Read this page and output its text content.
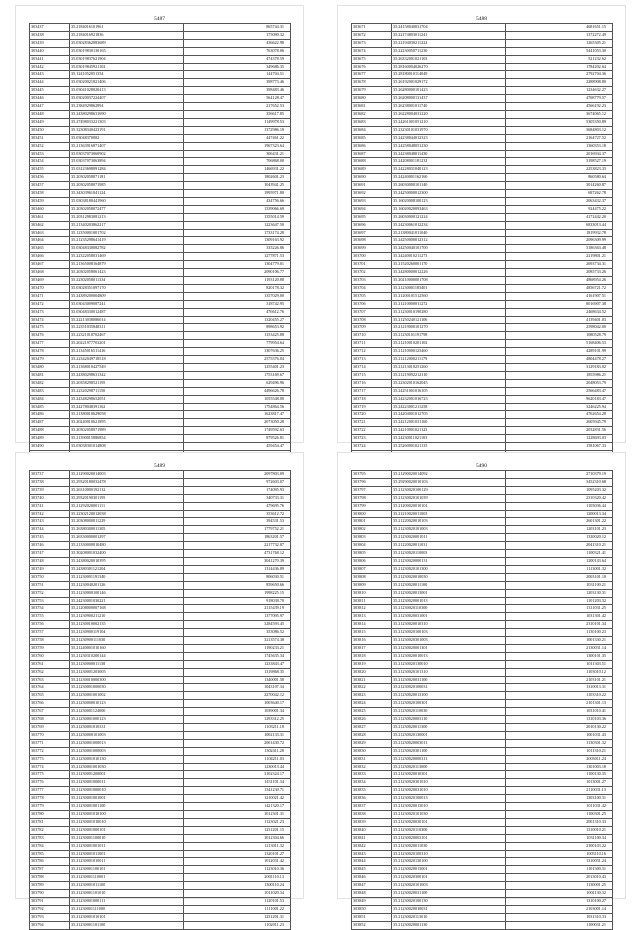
5487
303437	35.2184016101961	865744.31
303438	35.2184016921836	175090.32
303439	35.03028362083689	436622.98
303440	35.03019830130165	763078.06
303441	35.03019837621904	474378.59
303442	35.03019845921102	349686.35
303443	35.1241052051354	144704.51
303444	35.03020021821406	398773.46
303445	35.03041028020413	398483.46
303446	35.03020037224407	564128.47
303447	35.2384929862994	217652.53
303448	35.24380298631690	356617.85
303449	35.27498033221303	1149978.53
303450	35.32308340423191	1372986.19
303451	35.03048370082	447461.22
303452	35.21363916871407	1967323.64
303453	35.03037073060902	306431.21
303454	35.03037073063894	706868.00
303455	35.03123698091284	1466931.22
303456	35.20302058071181	1802601.23
303457	35.20302058071985	1043941.25
303458	35.34303961041124	1995971.80
303459	35.03038180441960	434756.66
303460	35.20302058072477	1339066.69
303461	35.20312983081213	1355014.59
303462	35.21340203862217	1223647.50
303463	35.12350001001702	1733174.28
303464	35.21235298641419	1309163.92
303465	35.03048330082782	335226.86
303466	35.22322058031469	1277871.53
303467	35.21365008164879	1304779.01
303468	35.20302058061423	2090106.77
303469	35.22302058011334	1193120.88
303470	35.03028351097170	820178.32
303471	35.24389200004809	1357029.00
303472	35.03043009087241	318742.95
303473	35.03048330012487	476612.76
303474	35.22213038086014	1320455.27
303475	35.22351035848311	898653.92
303476	35.22321018702467	1153425.88
303477	35.20221977703201	779954.64
303478	35.21345016511416	1307636.25
303479	35.22342049718518	2575376.04
303480	35.21368010427549	1255401.23
303481	35.24380298631342	1753169.67
303482	35.20358298521195	629496.96
303483	35.22320298711150	4496626.78
303484	35.24348298652051	1055548.00
303485	35.24278048391162	1754864.56
303486	35.21380010629058	1623817.47
303487	35.20240010621895	2073050.28
303488	35.20302058071989	1749592.63
303489	35.21390015886854	879526.81
303490	35.03038301014808	459454.47

5488
303671	35.24158040031704	4681651.15
303672	35.22174803011241	1372272.49
303673	35.22194030211222	1265305.21
303674	35.22230050711230	5441053.30
303675	35.26332001021103	521232.62
303676	35.28160004026270	1784202.64
303677	35.28180010114049	2792704.36
303678	35.26192001029172	2288908.80
303679	35.26280000101423	1234632.27
303680	35.26208000131437	4768779.57
303681	35.26238001011740	4566192.23
303682	35.26228004031220	3674065.12
303683	35.24261001051210	5305350.89
303684	35.23230101031970	3684803.12
303685	35.24238044012323	2164727.52
303686	35.24258048051230	1360353.18
303687	35.24238048011430	2016934.37
303688	35.24208001181232	3198527.19
303689	35.24228031040123	2253823.33
303690	35.24240001162160	860580.64
303691	35.26030000101140	3014260.87
303692	35.24250000012300	687262.78
303693	35.16020008100123	2063432.37
303694	35.16020020093463	924475.22
303695	35.26030000121224	4172442.20
303696	35.24230061012234	6833013.44
303697	35.21380041011040	1819932.78
303698	35.24250000012312	2096309.99
303699	35.24250040101700	5186363.48
303700	35.24240010211273	2219801.21
303701	35.21520260001170	2693734.31
303702	35.24280000012226	2085733.26
303703	35.20210000001708	4868954.26
303704	35.21230001183401	4856721.72
303705	35.21200101512560	4161907.51
303706	35.21210000011272	8016907.38
303707	35.21230010190280	2468634.52
303708	35.21250240121106	4139401.03
303709	35.21219000101270	2598042.00
303710	35.21230101191798	1080528.79
303711	35.21210010201102	5168406.53
303712	35.21210000123460	4289101.99
303713	35.21212000211179	4804478.27
303714	35.21213010251260	3129183.02
303715	35.21219092212110	1855986.21
303716	35.22302010162045	2048053.79
303717	35.24251001016105	2566483.47
303718	35.24232001016723	9620183.47
303719	35.24223001211258	3246225.94
303720	35.24204001012705	4762654.28
303721	35.24212001031160	2605945.79
303722	35.24210001021123	2032831.56
303723	35.24230011021103	1228693.03
303724	35.25260001021135	1581067.33

5489
303737	35.21290020014003	2097803.09
303738	35.29320180032478	972603.07
303739	35.26310000192112	174095.93
303740	35.29320190301195	340733.31
303741	35.21292020001111	479695.76
303742	35.22302120012038	353612.72
303743	35.20308000011229	394531.53
303744	35.26380300011305	1779752.21
303745	35.26330000001297	1863201.57
303746	35.21330000010480	2217732.87
303747	35.30208001032400	4731768.12
303748	35.24380020010395	3041270.39
303749	35.24380301121204	1314436.89
303750	35.21230001191340	806030.51
303751	35.21230040201126	859650.66
303752	35.21230000100146	1998225.15
303753	35.24230001030221	918038.70
303754	35.21208000007168	2115439.19
303755	35.21230900211210	1377095.97
303756	35.21230010002135	3284593.45
303757	35.21230900119104	353086.52
303758	35.21230900111030	3213574.38
303759	35.21240001010160	1190233.21
303760	35.21230310200144	1745635.34
303761	35.21230000011138	1233843.47
303762	35.21230001203005	1319868.35
303763	35.21230010000300	1340001.58
303764	35.21230001000030	1043107.34
303765	35.21230001001002	2270042.12
303766	35.21230000010123	1003640.17
303767	35.21230001124000	1039001.34
303768	35.21230001000123	1293312.25
303769	35.21230001010331	1103211.18
303770	35.21230000101003	1002133.31
303771	35.21230001000013	2001430.72
303772	35.21230001000003	1302411.28
303773	35.21230001010130	1104211.03
303774	35.21230001001030	1230013.44
303775	35.21230001200001	3102324.17
303776	35.21230001000011	1431101.34
303777	35.21230001000010	1341230.71
303778	35.21230001001001	1210021.42
303779	35.21230001001100	1421320.17
303780	35.21230001010100	1012301.31
303781	35.21230001010010	1123021.23
303782	35.21230001000101	1231201.15
303783	35.21230001100010	1012304.66
303784	35.21230001001011	1213011.32
303785	35.21230001011001	1320101.27
303786	35.21230001010011	1012031.42
303787	35.21230001100101	1123010.36
303788	35.21230001110001	2001110.13
303789	35.21230001011100	1300110.24
303790	35.21230001101010	1011020.34
303791	35.21230001000111	1120101.53
303792	35.21230001111000	1111001.22
303793	35.21230001010101	1231201.31
303794	35.21230001101100	1102011.23
5490
303795	35.21290020014092	2710379.19
303796	35.29290020010103	3452310.68
303797	35.21230020100129	1095203.32
303798	35.21230020101039	2310320.42
303799	35.21200020010101	1105036.44
303800	35.21210020011003	1200013.34
303801	35.21220020010103	2601301.22
303802	35.21230020101003	1203101.23
303803	35.21230020001011	1330020.12
303804	35.21220020011031	2041310.21
303805	35.21230020110003	1100321.41
303806	35.21230020000131	1200143.64
303807	35.21230020101300	1113001.32
303808	35.21230020010030	2003101.10
303809	35.21230020011100	1031100.21
303810	35.21230020013001	1203130.31
303811	35.21230020001013	1101203.32
303812	35.21230020110300	1311031.25
303813	35.21230020031001	1031301.42
303814	35.21230020010310	2310101.34
303815	35.21230020100103	1130100.23
303816	35.21230020301003	1001330.21
303817	35.21230020001301	2130031.14
303818	35.21230020010013	1300101.35
303819	35.21230020130010	1011303.51
303820	35.21230020101310	1103010.12
303821	35.21230020031100	2103101.21
303822	35.21230020100031	1310013.31
303823	35.21230020013100	1103310.22
303824	35.21230020100301	2101301.13
303825	35.21230020110030	1031010.41
303826	35.21230020003110	1310103.36
303827	35.21230020011300	2010130.22
303828	35.21230020130001	1001031.43
303829	35.21230020003011	1130301.32
303830	35.21230020301100	1011310.21
303831	35.21230020000311	2003011.24
303832	35.21230020113000	1301003.18
303833	35.21230020010301	1100130.35
303834	35.21230020301010	1013001.27
303835	35.21230020031010	2110031.13
303836	35.21230020100013	1303100.31
303837	35.21230020013010	1011031.42
303838	35.21230020101030	1100301.25
303839	35.21230020030101	2001310.33
303840	35.21230020110300	1310010.21
303841	35.21230020003101	1031100.34
303842	35.21230020011030	2100103.22
303843	35.21230020100310	1003110.16
303844	35.21230020130100	1310031.24
303845	35.21230020013001	1101300.31
303846	35.21230020300101	2013010.43
303847	35.21230020101003	1130001.25
303848	35.21230020031100	1001130.32
303849	35.21230020100130	1310100.27
303850	35.21230020010031	2103001.14
303851	35.21230020113010	1031310.33
303852	35.21230020001130	1100031.21
